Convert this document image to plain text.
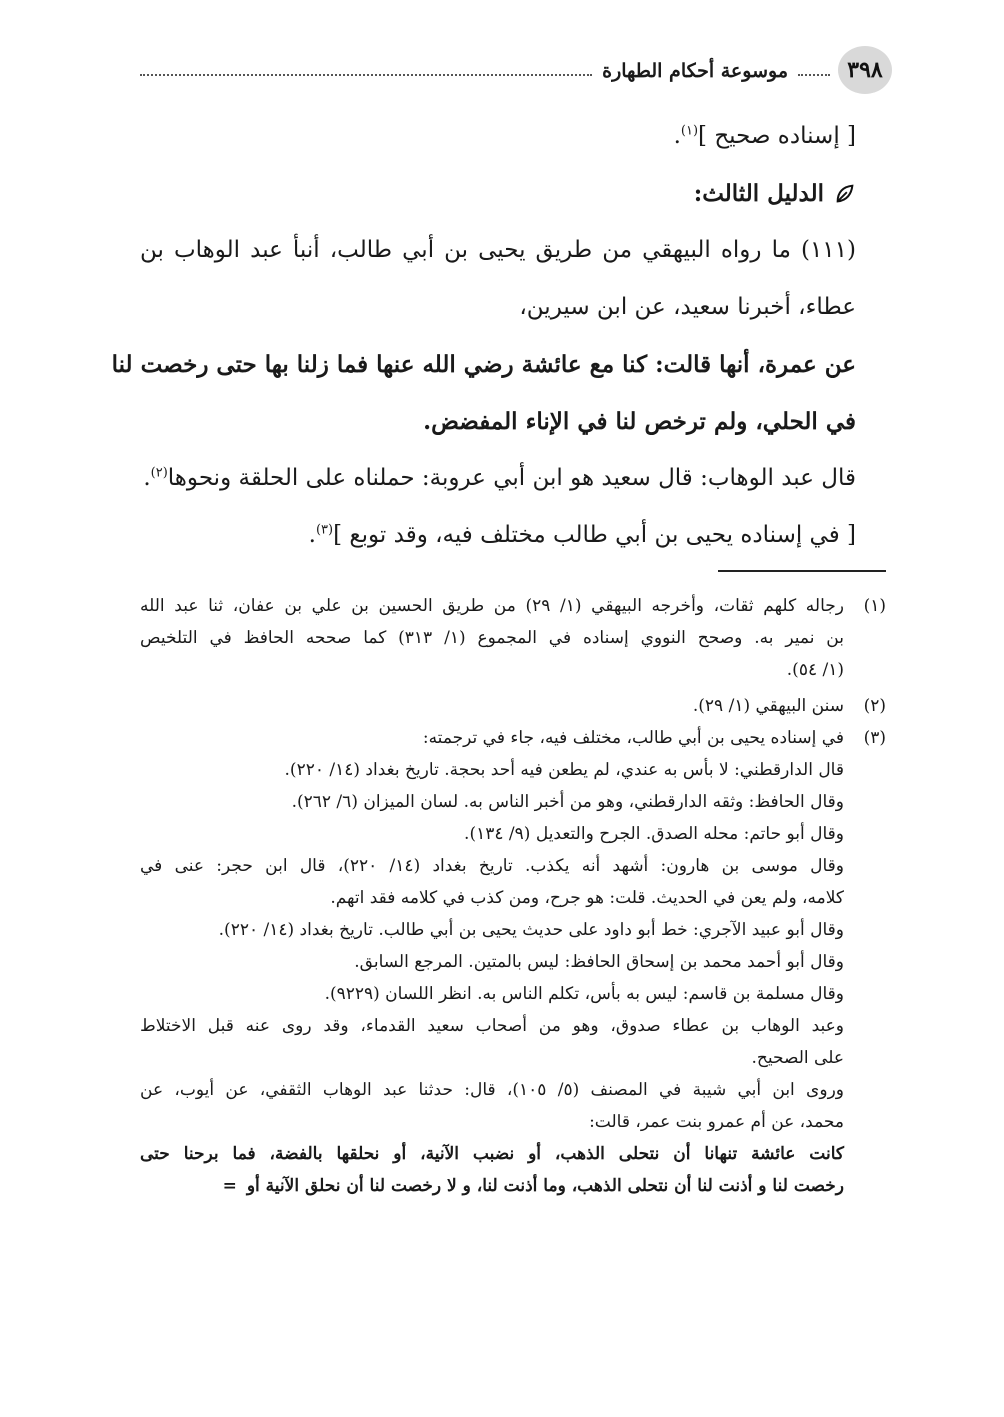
٣٩٨
موسوعة أحكام الطهارة
[ إسناده صحيح ]$^{(١)}$.
الدليل الثالث:
(١١١) ما رواه البيهقي من طريق يحيى بن أبي طالب، أنبأ عبد الوهاب بن
عطاء، أخبرنا سعيد، عن ابن سيرين،
عن عمرة، أنها قالت: كنا مع عائشة رضي الله عنها فما زلنا بها حتى رخصت لنا
في الحلي، ولم ترخص لنا في الإناء المفضض.
قال عبد الوهاب: قال سعيد هو ابن أبي عروبة: حملناه على الحلقة ونحوها$^{(٢)}$.
[ في إسناده يحيى بن أبي طالب مختلف فيه، وقد توبع ]$^{(٣)}$.
(١)
رجاله كلهم ثقات، وأخرجه البيهقي (١/ ٢٩) من طريق الحسين بن علي بن عفان، ثنا عبد الله
بن نمير به. وصحح النووي إسناده في المجموع (١/ ٣١٣) كما صححه الحافظ في التلخيص
(١/ ٥٤).
(٢)
سنن البيهقي (١/ ٢٩).
(٣)
في إسناده يحيى بن أبي طالب، مختلف فيه، جاء في ترجمته:
قال الدارقطني: لا بأس به عندي، لم يطعن فيه أحد بحجة. تاريخ بغداد (١٤/ ٢٢٠).
وقال الحافظ: وثقه الدارقطني، وهو من أخبر الناس به. لسان الميزان (٦/ ٢٦٢).
وقال أبو حاتم: محله الصدق. الجرح والتعديل (٩/ ١٣٤).
وقال موسى بن هارون: أشهد أنه يكذب. تاريخ بغداد (١٤/ ٢٢٠)، قال ابن حجر: عنى في
كلامه، ولم يعن في الحديث. قلت: هو جرح، ومن كذب في كلامه فقد اتهم.
وقال أبو عبيد الآجري: خط أبو داود على حديث يحيى بن أبي طالب. تاريخ بغداد (١٤/ ٢٢٠).
وقال أبو أحمد محمد بن إسحاق الحافظ: ليس بالمتين. المرجع السابق.
وقال مسلمة بن قاسم: ليس به بأس، تكلم الناس به. انظر اللسان (٩٢٢٩).
وعبد الوهاب بن عطاء صدوق، وهو من أصحاب سعيد القدماء، وقد روى عنه قبل الاختلاط
على الصحيح.
وروى ابن أبي شيبة في المصنف (٥/ ١٠٥)، قال: حدثنا عبد الوهاب الثقفي، عن أيوب، عن
محمد، عن أم عمرو بنت عمر، قالت:
كانت عائشة تنهانا أن نتحلى الذهب، أو نضبب الآنية، أو نحلقها بالفضة، فما برحنا حتى
رخصت لنا و أذنت لنا أن نتحلى الذهب، وما أذنت لنا، و لا رخصت لنا أن نحلق الآنية أو=
